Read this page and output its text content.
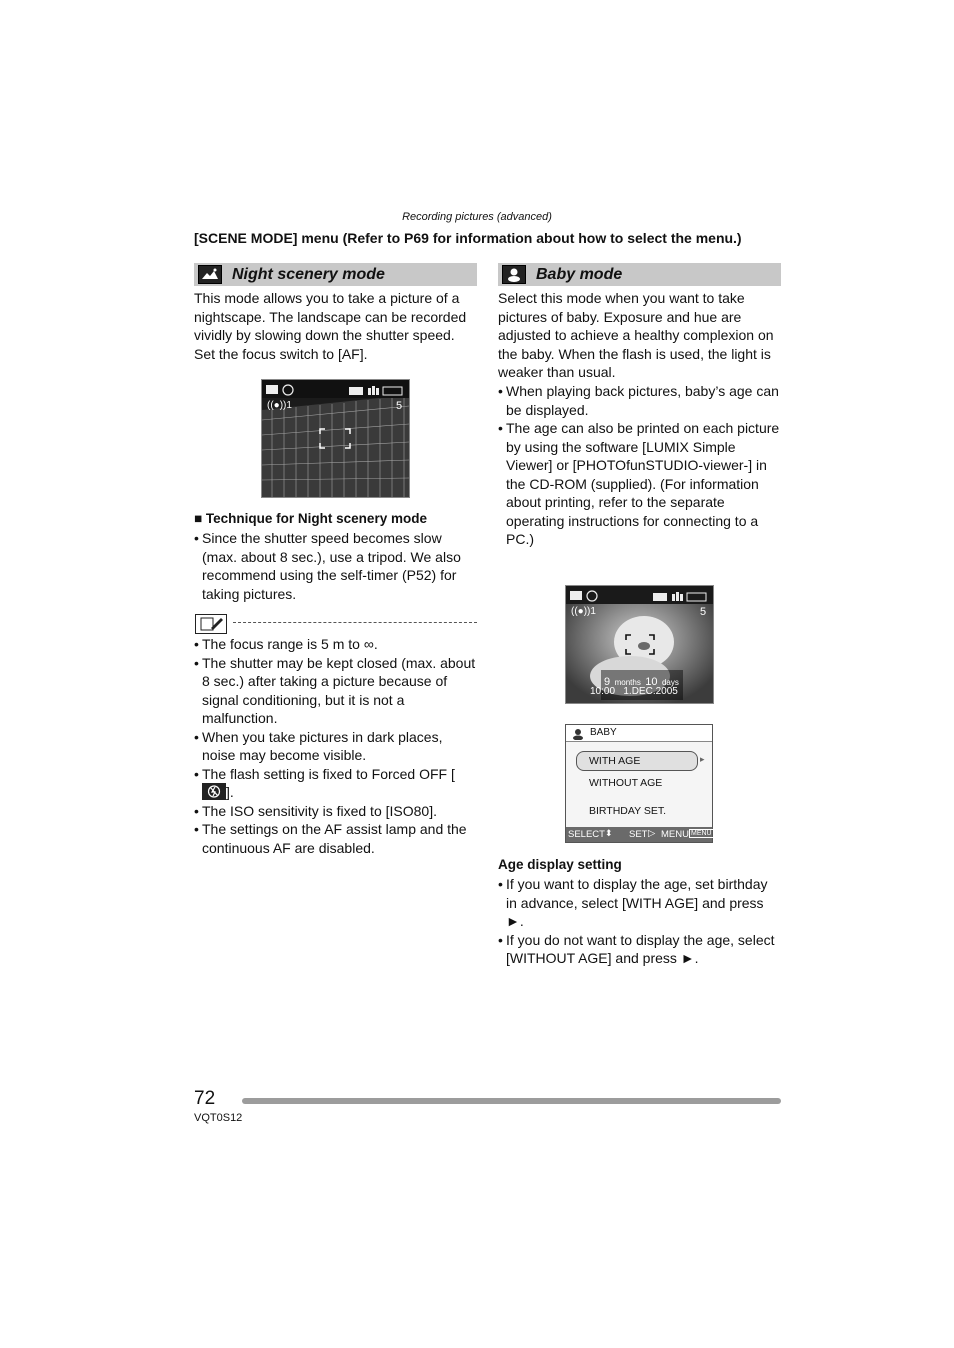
Recording pictures (advanced)
[SCENE MODE] menu (Refer to P69 for information about how to select the menu.)
Night scenery mode
This mode allows you to take a picture of a nightscape. The landscape can be recorded vividly by slowing down the shutter speed. Set the focus switch to [AF].
((●))1	5
■ Technique for Night scenery mode
• Since the shutter speed becomes slow (max. about 8 sec.), use a tripod. We also recommend using the self-timer (P52) for taking pictures.
• The focus range is 5 m to ∞.
• The shutter may be kept closed (max. about 8 sec.) after taking a picture because of signal conditioning, but it is not a malfunction.
• When you take pictures in dark places, noise may become visible.
• The flash setting is fixed to Forced OFF [].
• The ISO sensitivity is fixed to [ISO80].
• The settings on the AF assist lamp and the continuous AF are disabled.
Baby mode
Select this mode when you want to take pictures of baby. Exposure and hue are adjusted to achieve a healthy complexion on the baby. When the flash is used, the light is weaker than usual.
• When playing back pictures, baby’s age can be displayed.
• The age can also be printed on each picture by using the software [LUMIX Simple Viewer] or [PHOTOfunSTUDIO-viewer-] in the CD-ROM (supplied). (For information about printing, refer to the separate operating instructions for connecting to a PC.)
((●))1	5
9 months 10 days
10:00 1.DEC.2005
BABY
WITH AGE	▸
WITHOUT AGE
BIRTHDAY SET.
SELECT ⬍ SET ▷ MENU MENU
Age display setting
• If you want to display the age, set birthday in advance, select [WITH AGE] and press ►.
• If you do not want to display the age, select [WITHOUT AGE] and press ►.
72
VQT0S12
